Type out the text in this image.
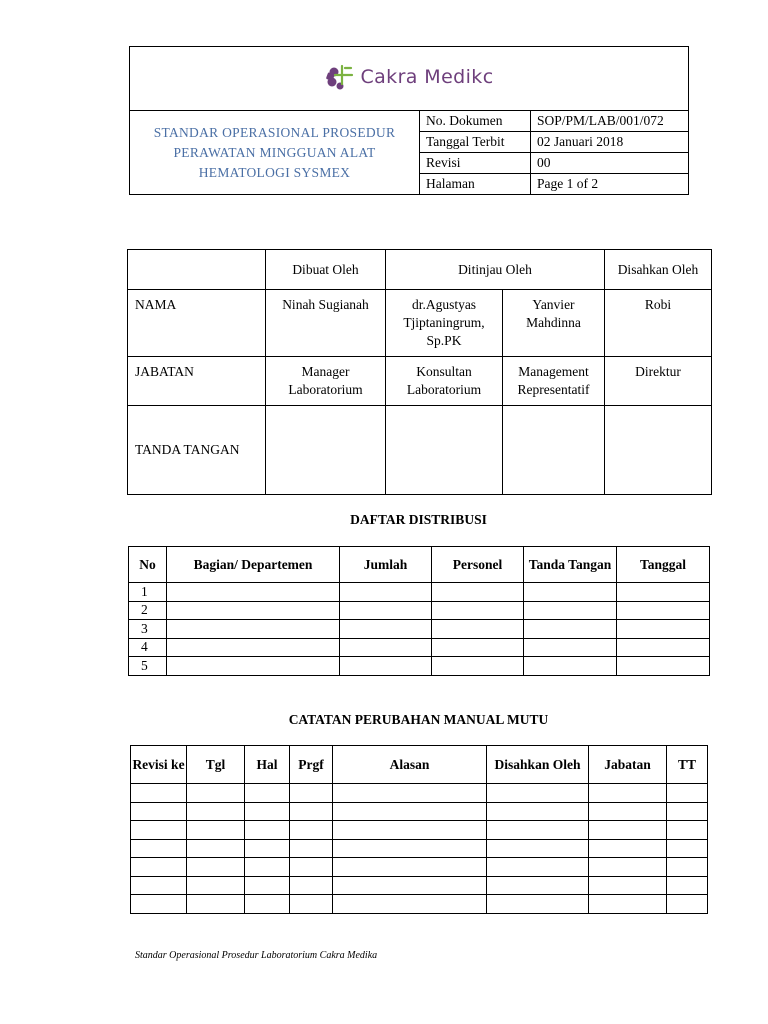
Cakra Medikc		

STANDAR OPERASIONAL PROSEDUR PERAWATAN MINGGUAN ALAT HEMATOLOGI SYSMEX	No. Dokumen	SOP/PM/LAB/001/072
	Tanggal Terbit	02 Januari 2018
	Revisi	00
	Halaman	Page 1 of 2
	Dibuat Oleh	Ditinjau Oleh		Disahkan Oleh
NAMA	Ninah Sugianah	dr.Agustyas Tjiptaningrum, Sp.PK	Yanvier Mahdinna	Robi
JABATAN	Manager Laboratorium	Konsultan Laboratorium	Management Representatif	Direktur
TANDA TANGAN				
DAFTAR DISTRIBUSI
No	Bagian/ Departemen	Jumlah	Personel	Tanda Tangan	Tanggal
1					
2					
3					
4					
5					
CATATAN PERUBAHAN MANUAL MUTU
Revisi ke	Tgl	Hal	Prgf	Alasan	Disahkan Oleh	Jabatan	TT

Standar Operasional Prosedur Laboratorium Cakra Medika
